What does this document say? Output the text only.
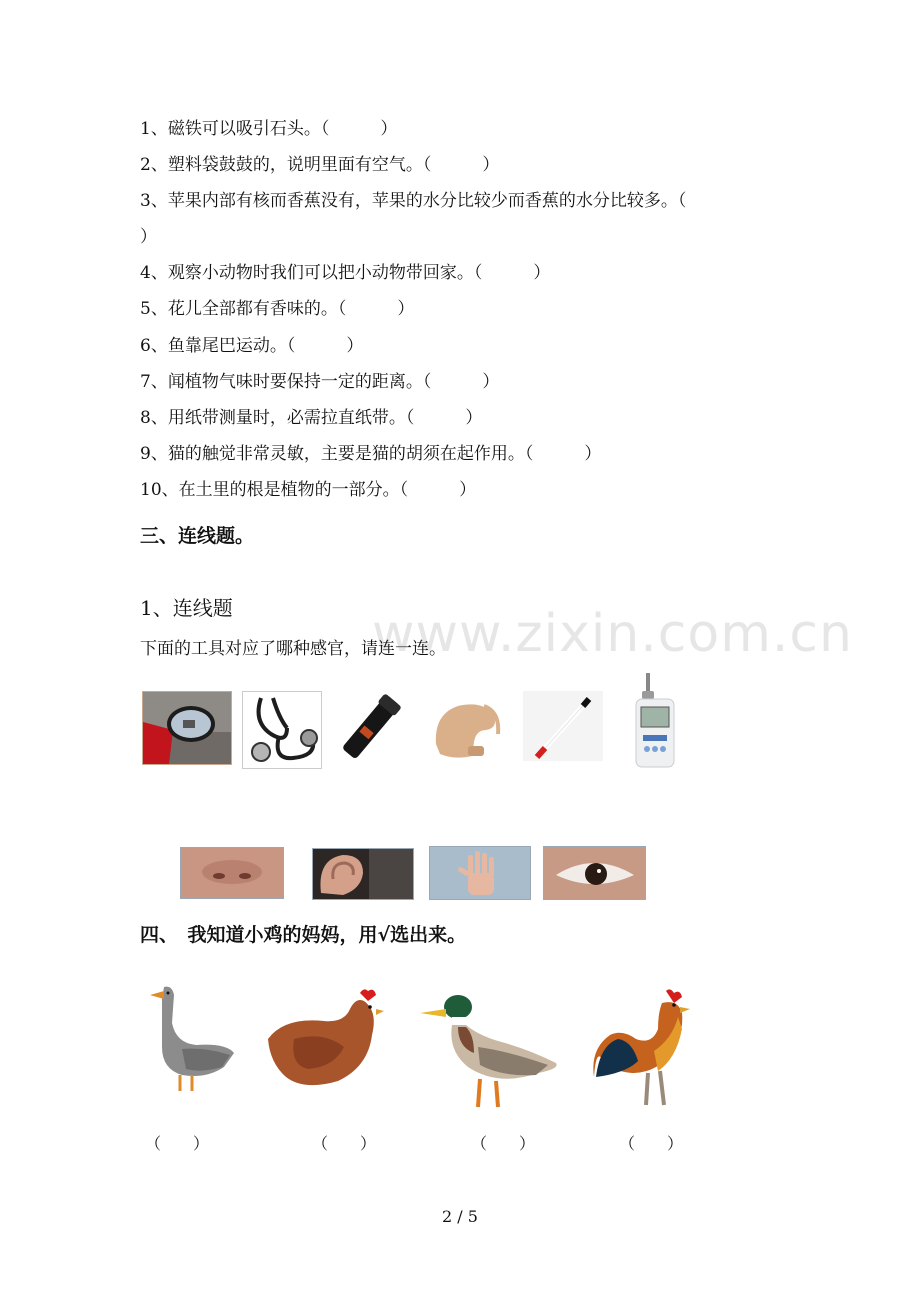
www.zixin.com.cn
1、磁铁可以吸引石头。（　　　）
2、塑料袋鼓鼓的，说明里面有空气。（　　　）
3、苹果内部有核而香蕉没有，苹果的水分比较少而香蕉的水分比较多。（
）
4、观察小动物时我们可以把小动物带回家。（　　　）
5、花儿全部都有香味的。（　　　）
6、鱼靠尾巴运动。（　　　）
7、闻植物气味时要保持一定的距离。（　　　）
8、用纸带测量时，必需拉直纸带。（　　　）
9、猫的触觉非常灵敏，主要是猫的胡须在起作用。（　　　）
10、在土里的根是植物的一部分。（　　　）
三、连线题。
1、连线题
下面的工具对应了哪种感官，请连一连。
四、　我知道小鸡的妈妈，用√选出来。
（　　）	（　　）	（　　）	（　　）
2 / 5
